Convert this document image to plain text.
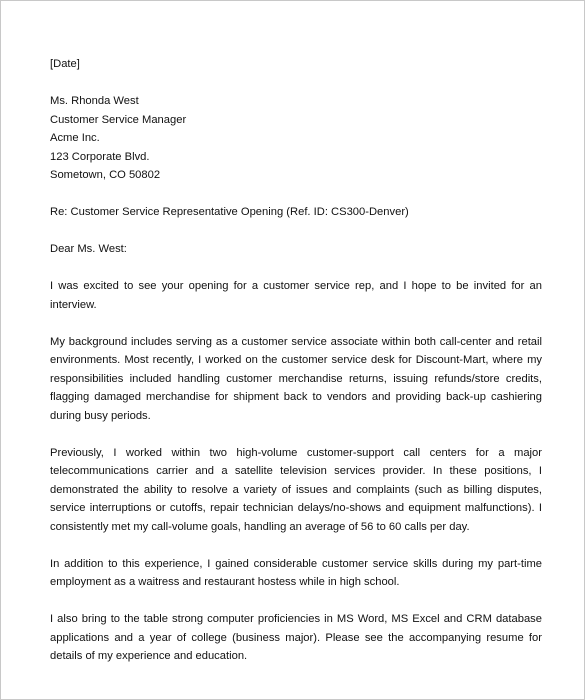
[Date]

Ms. Rhonda West

Customer Service Manager

Acme Inc.

123 Corporate Blvd.

Sometown, CO 50802

Re: Customer Service Representative Opening (Ref. ID: CS300-Denver)

Dear Ms. West:

I was excited to see your opening for a customer service rep, and I hope to be invited for an interview.

My background includes serving as a customer service associate within both call-center and retail environments. Most recently, I worked on the customer service desk for Discount-Mart, where my responsibilities included handling customer merchandise returns, issuing refunds/store credits, flagging damaged merchandise for shipment back to vendors and providing back-up cashiering during busy periods.

Previously, I worked within two high-volume customer-support call centers for a major telecommunications carrier and a satellite television services provider. In these positions, I demonstrated the ability to resolve a variety of issues and complaints (such as billing disputes, service interruptions or cutoffs, repair technician delays/no-shows and equipment malfunctions). I consistently met my call-volume goals, handling an average of 56 to 60 calls per day.

In addition to this experience, I gained considerable customer service skills during my part-time employment as a waitress and restaurant hostess while in high school.

I also bring to the table strong computer proficiencies in MS Word, MS Excel and CRM database applications and a year of college (business major). Please see the accompanying resume for details of my experience and education.
